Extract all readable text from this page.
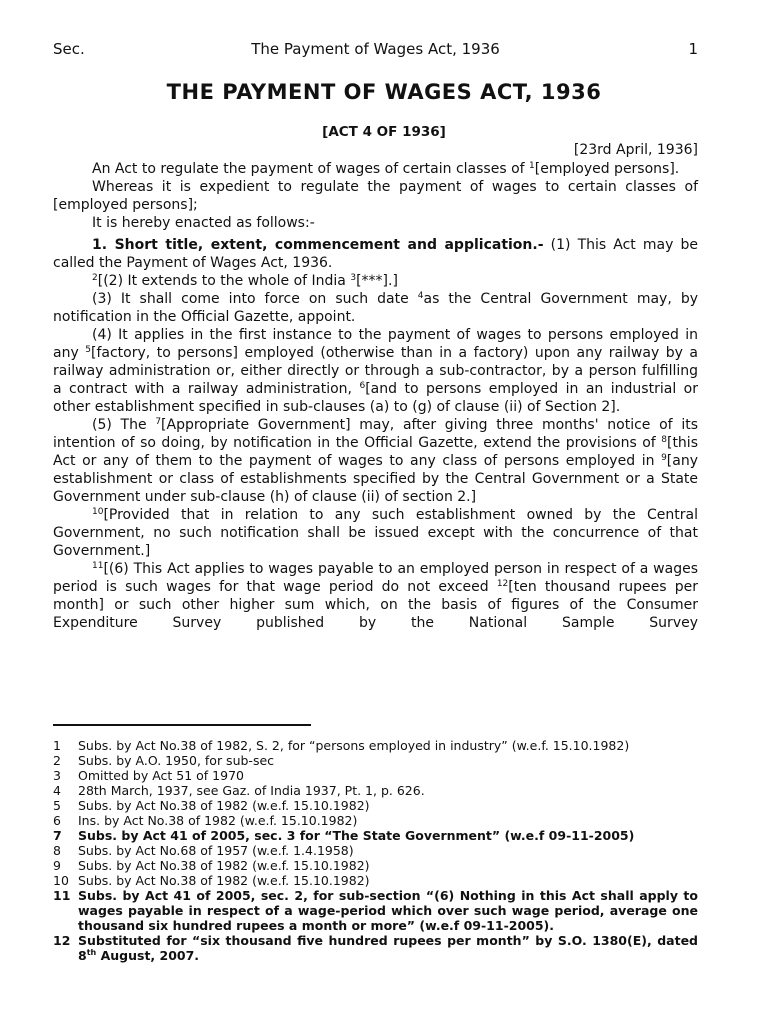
Sec.	The Payment of Wages Act, 1936	1
THE PAYMENT OF WAGES ACT, 1936
[ACT 4 OF 1936]
[23rd April, 1936]

An Act to regulate the payment of wages of certain classes of $^1$[employed persons].

Whereas it is expedient to regulate the payment of wages to certain classes of [employed persons];

It is hereby enacted as follows:-

1. Short title, extent, commencement and application.- (1) This Act may be called the Payment of Wages Act, 1936.

$^2$[(2) It extends to the whole of India $^3$[***].]

(3) It shall come into force on such date $^4$as the Central Government may, by notification in the Official Gazette, appoint.

(4) It applies in the first instance to the payment of wages to persons employed in any $^5$[factory, to persons] employed (otherwise than in a factory) upon any railway by a railway administration or, either directly or through a sub-contractor, by a person fulfilling a contract with a railway administration, $^6$[and to persons employed in an industrial or other establishment specified in sub-clauses (a) to (g) of clause (ii) of Section 2].

(5) The $^7$[Appropriate Government] may, after giving three months' notice of its intention of so doing, by notification in the Official Gazette, extend the provisions of $^8$[this Act or any of them to the payment of wages to any class of persons employed in $^9$[any establishment or class of establishments specified by the Central Government or a State Government under sub-clause (h) of clause (ii) of section 2.]

$^{10}$[Provided that in relation to any such establishment owned by the Central Government, no such notification shall be issued except with the concurrence of that Government.]

$^{11}$[(6) This Act applies to wages payable to an employed person in respect of a wages period is such wages for that wage period do not exceed $^{12}$[ten thousand rupees per month] or such other higher sum which, on the basis of figures of the Consumer Expenditure Survey published by the National Sample Survey

1 Subs. by Act No.38 of 1982, S. 2, for “persons employed in industry” (w.e.f. 15.10.1982)
2 Subs. by A.O. 1950, for sub-sec
3 Omitted by Act 51 of 1970
4 28th March, 1937, see Gaz. of India 1937, Pt. 1, p. 626.
5 Subs. by Act No.38 of 1982 (w.e.f. 15.10.1982)
6 Ins. by Act No.38 of 1982 (w.e.f. 15.10.1982)
7 Subs. by Act 41 of 2005, sec. 3 for “The State Government” (w.e.f 09-11-2005)
8 Subs. by Act No.68 of 1957 (w.e.f. 1.4.1958)
9 Subs. by Act No.38 of 1982 (w.e.f. 15.10.1982)
10 Subs. by Act No.38 of 1982 (w.e.f. 15.10.1982)
11 Subs. by Act 41 of 2005, sec. 2, for sub-section “(6) Nothing in this Act shall apply to wages payable in respect of a wage-period which over such wage period, average one thousand six hundred rupees a month or more” (w.e.f 09-11-2005).
12 Substituted for “six thousand five hundred rupees per month” by S.O. 1380(E), dated 8th August, 2007.
